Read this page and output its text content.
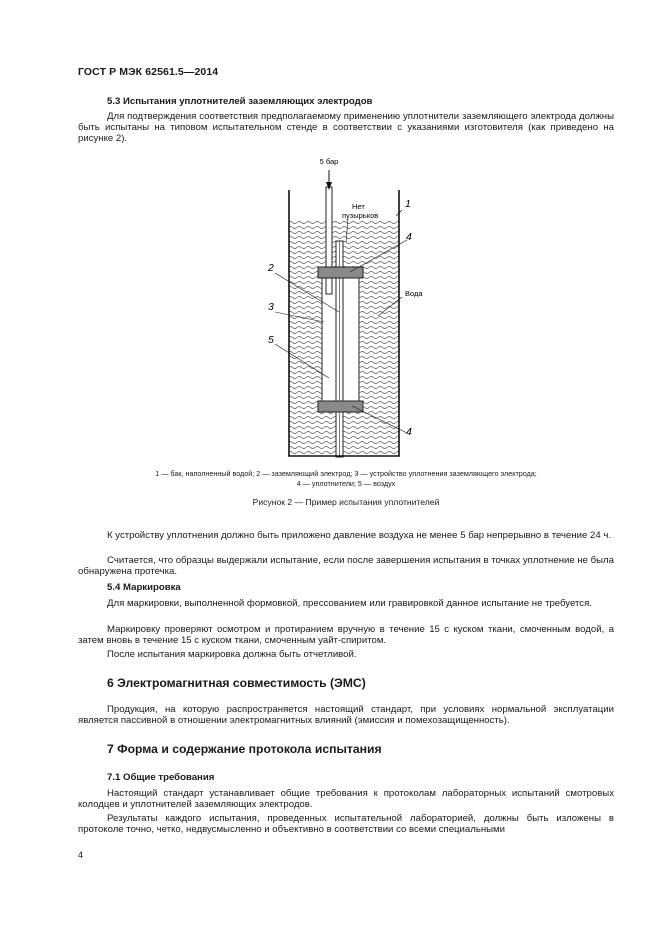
ГОСТ Р МЭК 62561.5—2014
5.3 Испытания уплотнителей заземляющих электродов
Для подтверждения соответствия предполагаемому применению уплотнители заземляющего электрода должны быть испытаны на типовом испытательном стенде в соответствии с указаниями изготовителя (как приведено на рисунке 2).
5 бар
Нет
пузырьков
Вода
1
4
4
2
3
5
1 — бак, наполненный водой; 2 — заземляющий электрод; 3 — устройство уплотнения заземляющего электрода;
4 — уплотнители; 5 — воздух
Рисунок 2 — Пример испытания уплотнителей
К устройству уплотнения должно быть приложено давление воздуха не менее 5 бар непрерывно в течение 24 ч.
Считается, что образцы выдержали испытание, если после завершения испытания в точках уплотнение не была обнаружена протечка.
5.4 Маркировка
Для маркировки, выполненной формовкой, прессованием или гравировкой данное испытание не требуется.
Маркировку проверяют осмотром и протиранием вручную в течение 15 с куском ткани, смоченным водой, а затем вновь в течение 15 с куском ткани, смоченным уайт-спиритом.
После испытания маркировка должна быть отчетливой.
6 Электромагнитная совместимость (ЭМС)
Продукция, на которую распространяется настоящий стандарт, при условиях нормальной эксплуатации является пассивной в отношении электромагнитных влияний (эмиссия и помехозащищенность).
7 Форма и содержание протокола испытания
7.1 Общие требования
Настоящий стандарт устанавливает общие требования к протоколам лабораторных испытаний смотровых колодцев и уплотнителей заземляющих электродов.
Результаты каждого испытания, проведенных испытательной лабораторией, должны быть изложены в протоколе точно, четко, недвусмысленно и объективно в соответствии со всеми специальными
4
